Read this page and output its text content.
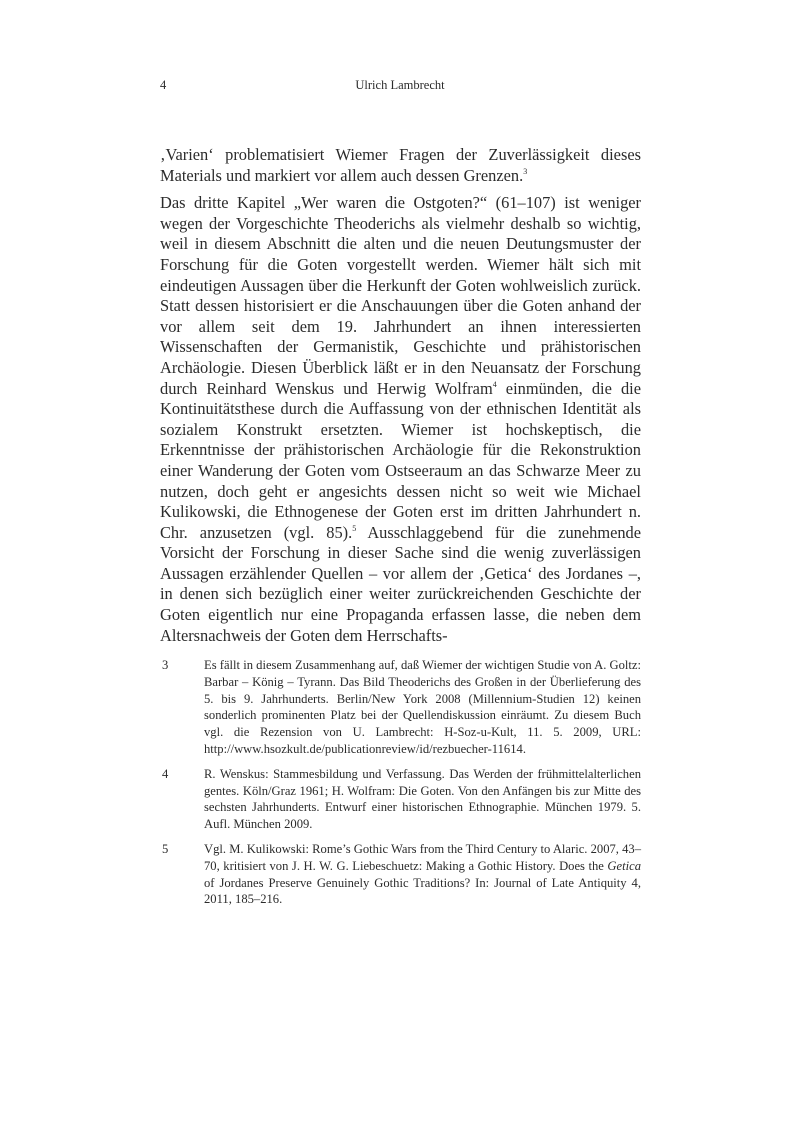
4	Ulrich Lambrecht

‚Varien‘ problematisiert Wiemer Fragen der Zuverlässigkeit dieses Materials und markiert vor allem auch dessen Grenzen.$^3$

Das dritte Kapitel „Wer waren die Ostgoten?“ (61–107) ist weniger wegen der Vorgeschichte Theoderichs als vielmehr deshalb so wichtig, weil in diesem Abschnitt die alten und die neuen Deutungsmuster der Forschung für die Goten vorgestellt werden. Wiemer hält sich mit eindeutigen Aussagen über die Herkunft der Goten wohlweislich zurück. Statt dessen historisiert er die Anschauungen über die Goten anhand der vor allem seit dem 19. Jahrhundert an ihnen interessierten Wissenschaften der Germanistik, Geschichte und prähistorischen Archäologie. Diesen Überblick läßt er in den Neuansatz der Forschung durch Reinhard Wenskus und Herwig Wolfram$^4$ einmünden, die die Kontinuitätsthese durch die Auffassung von der ethnischen Identität als sozialem Konstrukt ersetzten. Wiemer ist hochskeptisch, die Erkenntnisse der prähistorischen Archäologie für die Rekonstruktion einer Wanderung der Goten vom Ostseeraum an das Schwarze Meer zu nutzen, doch geht er angesichts dessen nicht so weit wie Michael Kulikowski, die Ethnogenese der Goten erst im dritten Jahrhundert n. Chr. anzusetzen (vgl. 85).$^5$ Ausschlaggebend für die zunehmende Vorsicht der Forschung in dieser Sache sind die wenig zuverlässigen Aussagen erzählender Quellen – vor allem der ‚Getica‘ des Jordanes –, in denen sich bezüglich einer weiter zurückreichenden Geschichte der Goten eigentlich nur eine Propaganda erfassen lasse, die neben dem Altersnachweis der Goten dem Herrschafts-

3	Es fällt in diesem Zusammenhang auf, daß Wiemer der wichtigen Studie von A. Goltz: Barbar – König – Tyrann. Das Bild Theoderichs des Großen in der Überlieferung des 5. bis 9. Jahrhunderts. Berlin/New York 2008 (Millennium-Studien 12) keinen sonderlich prominenten Platz bei der Quellendiskussion einräumt. Zu diesem Buch vgl. die Rezension von U. Lambrecht: H-Soz-u-Kult, 11. 5. 2009, URL: http://www.hsozkult.de/publicationreview/id/rezbuecher-11614.
4	R. Wenskus: Stammesbildung und Verfassung. Das Werden der frühmittelalterlichen gentes. Köln/Graz 1961; H. Wolfram: Die Goten. Von den Anfängen bis zur Mitte des sechsten Jahrhunderts. Entwurf einer historischen Ethnographie. München 1979. 5. Aufl. München 2009.
5	Vgl. M. Kulikowski: Rome’s Gothic Wars from the Third Century to Alaric. 2007, 43–70, kritisiert von J. H. W. G. Liebeschuetz: Making a Gothic History. Does the Getica of Jordanes Preserve Genuinely Gothic Traditions? In: Journal of Late Antiquity 4, 2011, 185–216.
